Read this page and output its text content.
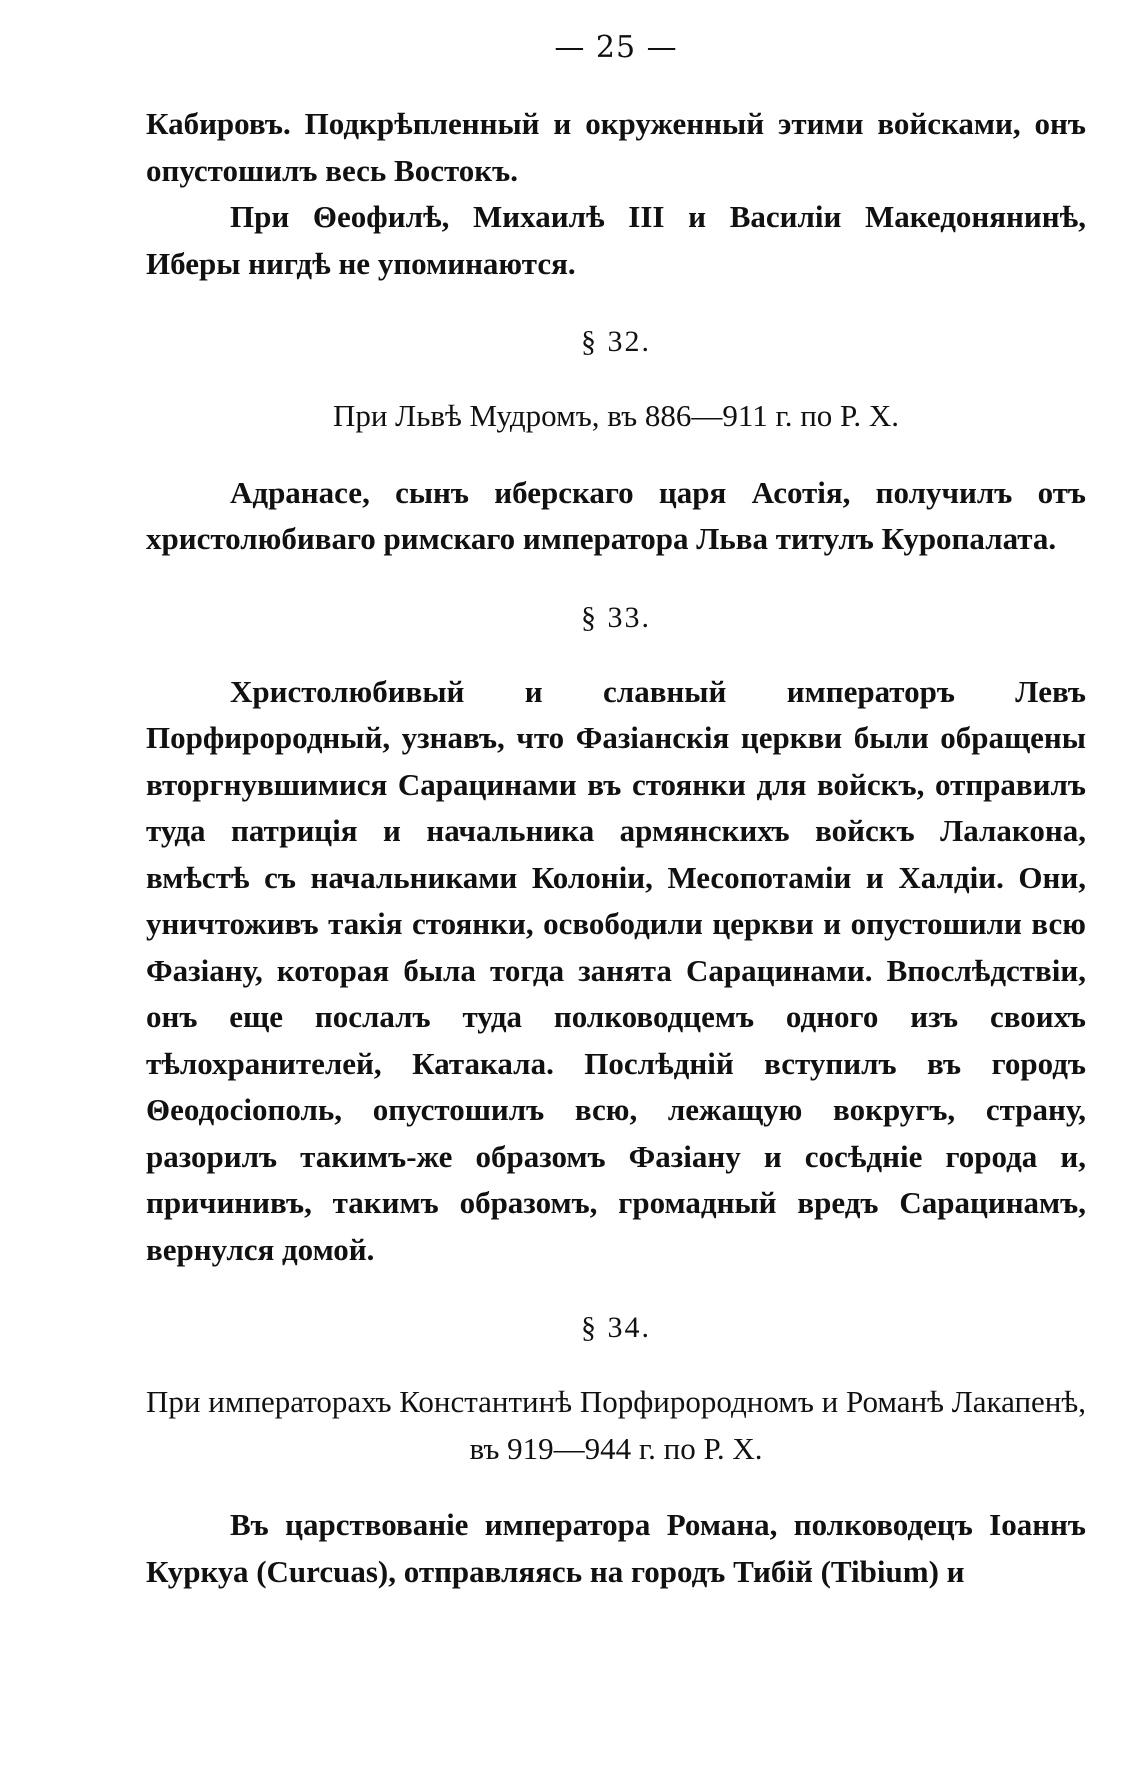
— 25 —

Кабировъ. Подкрѣпленный и окруженный этими войсками, онъ опустошилъ весь Востокъ.

При Θеофилѣ, Михаилѣ III и Василіи Македонянинѣ, Иберы нигдѣ не упоминаются.

§ 32.
При Львѣ Мудромъ, въ 886—911 г. по Р. Х.

Адранасе, сынъ иберскаго царя Асотія, получилъ отъ христолюбиваго римскаго императора Льва титулъ Куропалата.

§ 33.

Христолюбивый и славный императоръ Левъ Порфирородный, узнавъ, что Фазіанскія церкви были обращены вторгнувшимися Сарацинами въ стоянки для войскъ, отправилъ туда патриція и начальника армянскихъ войскъ Лалакона, вмѣстѣ съ начальниками Колоніи, Месопотаміи и Халдіи. Они, уничтоживъ такія стоянки, освободили церкви и опустошили всю Фазіану, которая была тогда занята Сарацинами. Впослѣдствіи, онъ еще послалъ туда полководцемъ одного изъ своихъ тѣлохранителей, Катакала. Послѣдній вступилъ въ городъ Θеодосіополь, опустошилъ всю, лежащую вокругъ, страну, разорилъ такимъ-же образомъ Фазіану и сосѣдніе города и, причинивъ, такимъ образомъ, громадный вредъ Сарацинамъ, вернулся домой.

§ 34.
При императорахъ Константинѣ Порфирородномъ и Романѣ Лакапенѣ, въ 919—944 г. по Р. Х.

Въ царствованіе императора Романа, полководецъ Іоаннъ Куркуа (Curcuas), отправляясь на городъ Тибій (Tibium) и
